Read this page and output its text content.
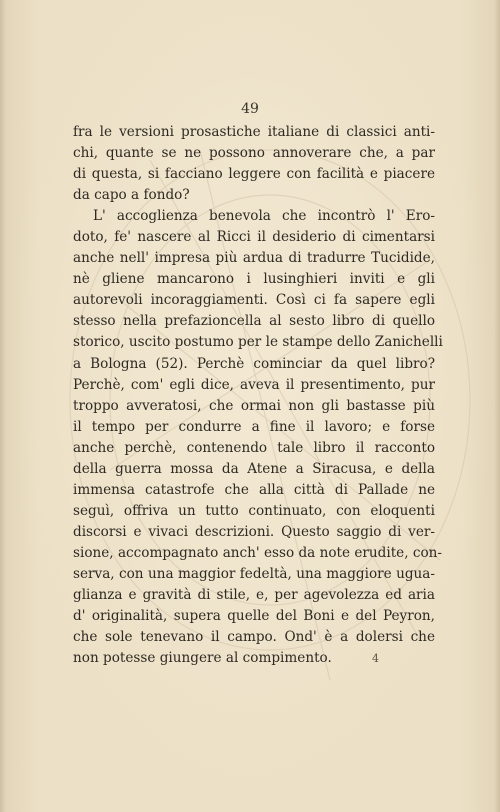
49
fra le versioni prosastiche italiane di classici anti-
chi, quante se ne possono annoverare che, a par
di questa, si facciano leggere con facilità e piacere
da capo a fondo?
L' accoglienza benevola che incontrò l' Ero-
doto, fe' nascere al Ricci il desiderio di cimentarsi
anche nell' impresa più ardua di tradurre Tucidide,
nè gliene mancarono i lusinghieri inviti e gli
autorevoli incoraggiamenti. Così ci fa sapere egli
stesso nella prefazioncella al sesto libro di quello
storico, uscito postumo per le stampe dello Zanichelli
a Bologna (52). Perchè cominciar da quel libro?
Perchè, com' egli dice, aveva il presentimento, pur
troppo avveratosi, che ormai non gli bastasse più
il tempo per condurre a fine il lavoro; e forse
anche perchè, contenendo tale libro il racconto
della guerra mossa da Atene a Siracusa, e della
immensa catastrofe che alla città di Pallade ne
seguì, offriva un tutto continuato, con eloquenti
discorsi e vivaci descrizioni. Questo saggio di ver-
sione, accompagnato anch' esso da note erudite, con-
serva, con una maggior fedeltà, una maggiore ugua-
glianza e gravità di stile, e, per agevolezza ed aria
d' originalità, supera quelle del Boni e del Peyron,
che sole tenevano il campo. Ond' è a dolersi che
non potesse giungere al compimento.	4
